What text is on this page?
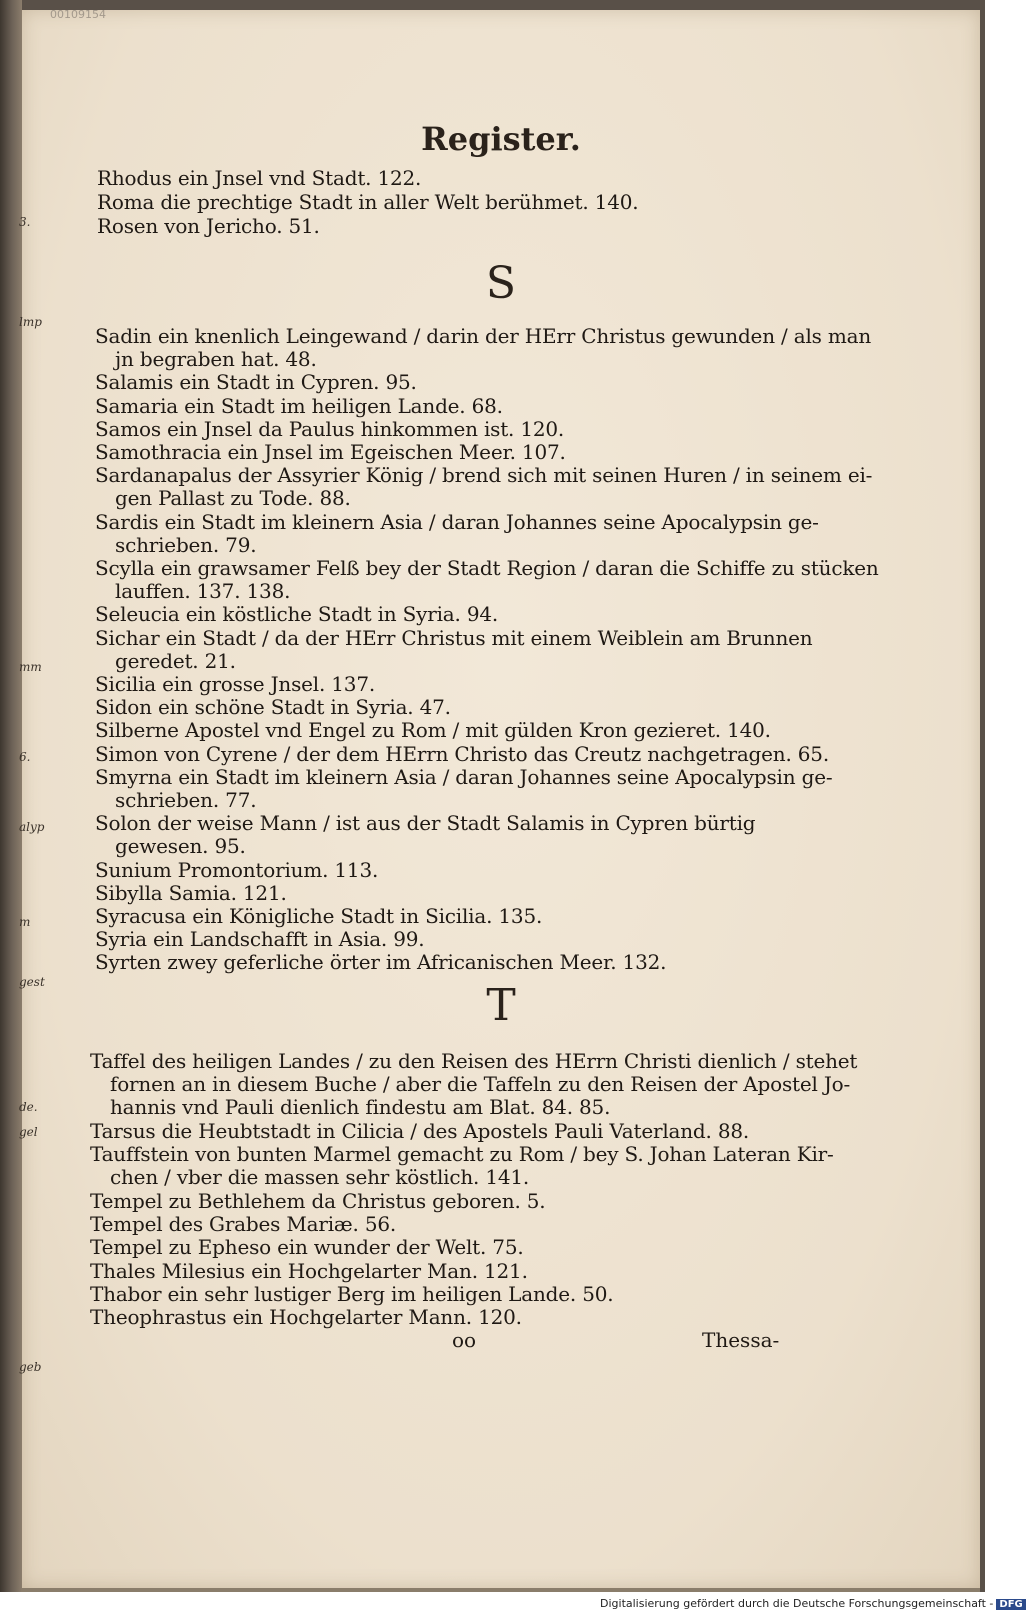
00109154
3.
lmp
mm
6.
alyp
m
gest
de.
gel
geb
Register.
Rhodus ein Jnsel vnd Stadt. 122.
Roma die prechtige Stadt in aller Welt berühmet. 140.
Rosen von Jericho. 51.
S
Sadin ein knenlich Leingewand / darin der HErr Christus gewunden / als man
jn begraben hat. 48.
Salamis ein Stadt in Cypren. 95.
Samaria ein Stadt im heiligen Lande. 68.
Samos ein Jnsel da Paulus hinkommen ist. 120.
Samothracia ein Jnsel im Egeischen Meer. 107.
Sardanapalus der Assyrier König / brend sich mit seinen Huren / in seinem ei-
gen Pallast zu Tode. 88.
Sardis ein Stadt im kleinern Asia / daran Johannes seine Apocalypsin ge-
schrieben. 79.
Scylla ein grawsamer Felß bey der Stadt Region / daran die Schiffe zu stücken
lauffen. 137. 138.
Seleucia ein köstliche Stadt in Syria. 94.
Sichar ein Stadt / da der HErr Christus mit einem Weiblein am Brunnen
geredet. 21.
Sicilia ein grosse Jnsel. 137.
Sidon ein schöne Stadt in Syria. 47.
Silberne Apostel vnd Engel zu Rom / mit gülden Kron gezieret. 140.
Simon von Cyrene / der dem HErrn Christo das Creutz nachgetragen. 65.
Smyrna ein Stadt im kleinern Asia / daran Johannes seine Apocalypsin ge-
schrieben. 77.
Solon der weise Mann / ist aus der Stadt Salamis in Cypren bürtig
gewesen. 95.
Sunium Promontorium. 113.
Sibylla Samia. 121.
Syracusa ein Königliche Stadt in Sicilia. 135.
Syria ein Landschafft in Asia. 99.
Syrten zwey geferliche örter im Africanischen Meer. 132.
T
Taffel des heiligen Landes / zu den Reisen des HErrn Christi dienlich / stehet
fornen an in diesem Buche / aber die Taffeln zu den Reisen der Apostel Jo-
hannis vnd Pauli dienlich findestu am Blat. 84. 85.
Tarsus die Heubtstadt in Cilicia / des Apostels Pauli Vaterland. 88.
Tauffstein von bunten Marmel gemacht zu Rom / bey S. Johan Lateran Kir-
chen / vber die massen sehr köstlich. 141.
Tempel zu Bethlehem da Christus geboren. 5.
Tempel des Grabes Mariæ. 56.
Tempel zu Epheso ein wunder der Welt. 75.
Thales Milesius ein Hochgelarter Man. 121.
Thabor ein sehr lustiger Berg im heiligen Lande. 50.
Theophrastus ein Hochgelarter Mann. 120.
oo	Thessa-
Digitalisierung gefördert durch die Deutsche Forschungsgemeinschaft - DFG
